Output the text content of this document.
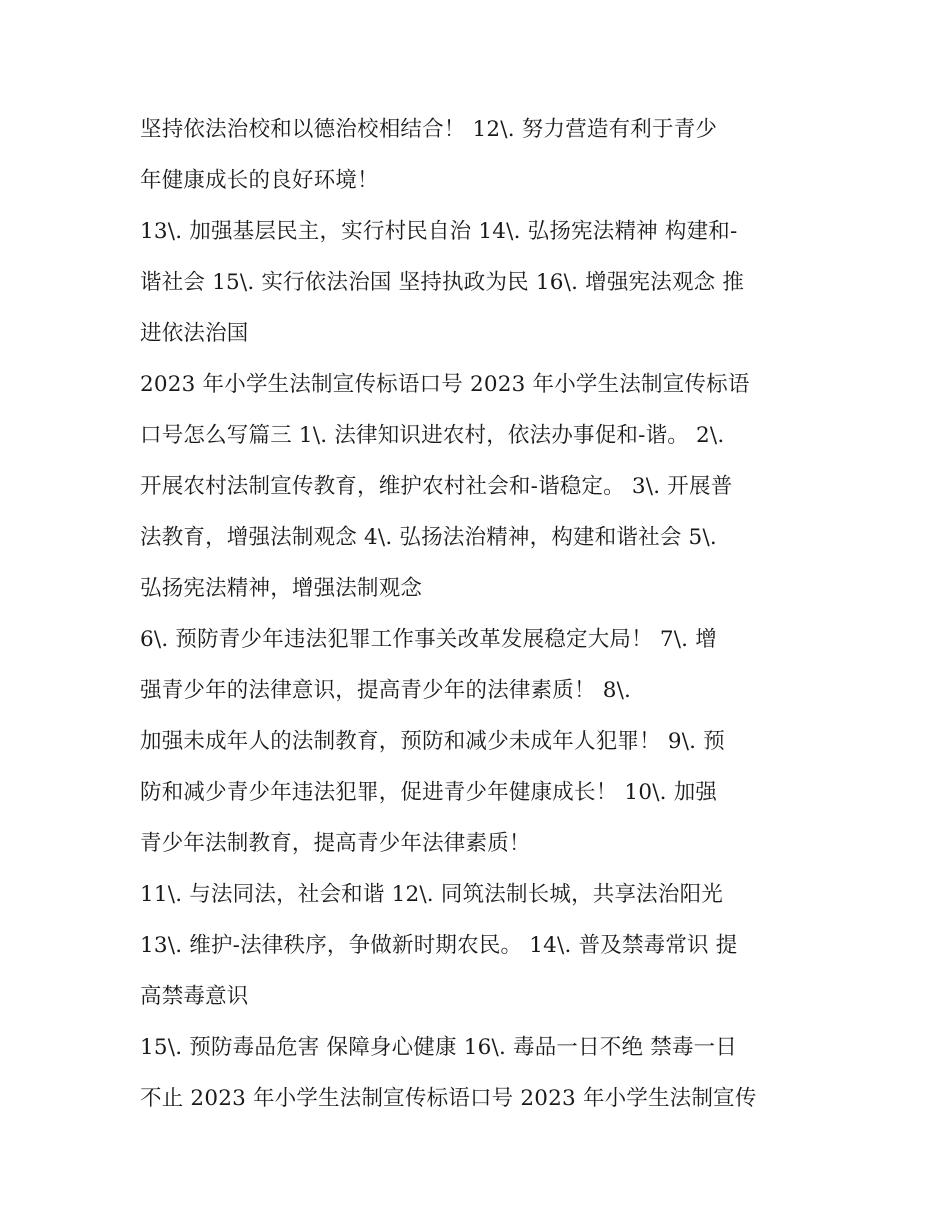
坚持依法治校和以德治校相结合！ 12\. 努力营造有利于青少
年健康成长的良好环境！
13\. 加强基层民主，实行村民自治 14\. 弘扬宪法精神 构建和-
谐社会 15\. 实行依法治国 坚持执政为民 16\. 增强宪法观念 推
进依法治国
2023 年小学生法制宣传标语口号 2023 年小学生法制宣传标语
口号怎么写篇三 1\. 法律知识进农村，依法办事促和-谐。 2\.
开展农村法制宣传教育，维护农村社会和-谐稳定。 3\. 开展普
法教育，增强法制观念 4\. 弘扬法治精神，构建和谐社会 5\.
弘扬宪法精神，增强法制观念
6\. 预防青少年违法犯罪工作事关改革发展稳定大局！ 7\. 增
强青少年的法律意识，提高青少年的法律素质！ 8\.
加强未成年人的法制教育，预防和减少未成年人犯罪！ 9\. 预
防和减少青少年违法犯罪，促进青少年健康成长！ 10\. 加强
青少年法制教育，提高青少年法律素质！
11\. 与法同法，社会和谐 12\. 同筑法制长城，共享法治阳光
13\. 维护-法律秩序，争做新时期农民。 14\. 普及禁毒常识 提
高禁毒意识
15\. 预防毒品危害 保障身心健康 16\. 毒品一日不绝 禁毒一日
不止 2023 年小学生法制宣传标语口号 2023 年小学生法制宣传
